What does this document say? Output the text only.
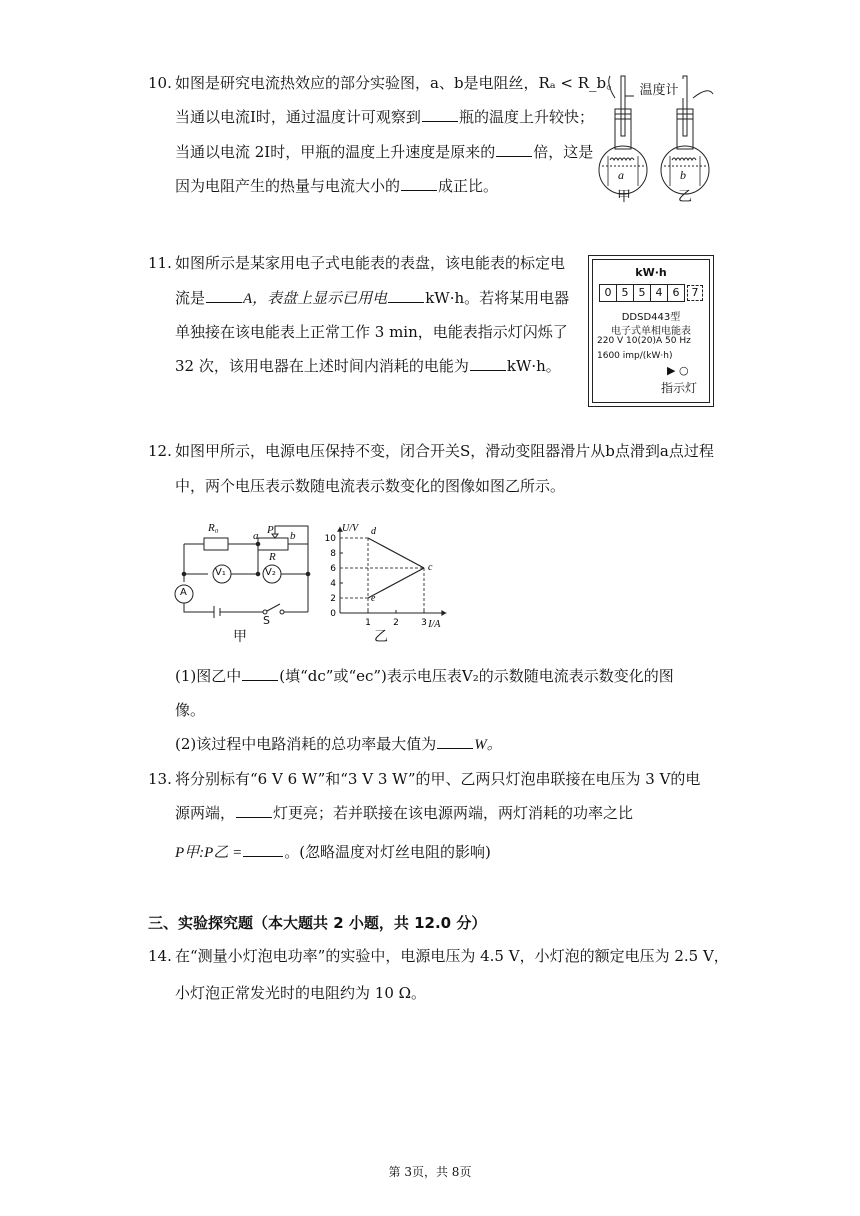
10. 如图是研究电流热效应的部分实验图，a、b是电阻丝，Rₐ < R_b。
当通以电流I时，通过温度计可观察到	瓶的温度上升较快；
当通以电流 2I时，甲瓶的温度上升速度是原来的	倍，这是
因为电阻产生的热量与电流大小的	成正比。
温度计
a	b
甲	乙
11. 如图所示是某家用电子式电能表的表盘，该电能表的标定电
流是	A，表盘上显示已用电	kW·h。若将某用电器
单独接在该电能表上正常工作 3 min，电能表指示灯闪烁了
32 次，该用电器在上述时间内消耗的电能为	kW·h。
kW·h
0 5 5 4 6	7
DDSD443型
电子式单相电能表
220 V 10(20)A 50 Hz
1600 imp/(kW·h)
▶ ○
指示灯
12. 如图甲所示，电源电压保持不变，闭合开关S，滑动变阻器滑片从b点滑到a点过程
中，两个电压表示数随电流表示数变化的图像如图乙所示。
R₀
a P b
R
V₁	V₂
A
S
甲
U/V
I/A
0
2
4
6
8
10
1 2 3
d
c
e
乙
(1)图乙中	(填“dc”或“ec”)表示电压表V₂的示数随电流表示数变化的图
像。
(2)该过程中电路消耗的总功率最大值为	W。
13. 将分别标有“6 V 6 W”和“3 V 3 W”的甲、乙两只灯泡串联接在电压为 3 V的电
源两端，	灯更亮；若并联接在该电源两端，两灯消耗的功率之比
P甲:P乙 =	。(忽略温度对灯丝电阻的影响)
三、实验探究题（本大题共 2 小题，共 12.0 分）
14. 在“测量小灯泡电功率”的实验中，电源电压为 4.5 V，小灯泡的额定电压为 2.5 V，
小灯泡正常发光时的电阻约为 10 Ω。
第 3页，共 8页
